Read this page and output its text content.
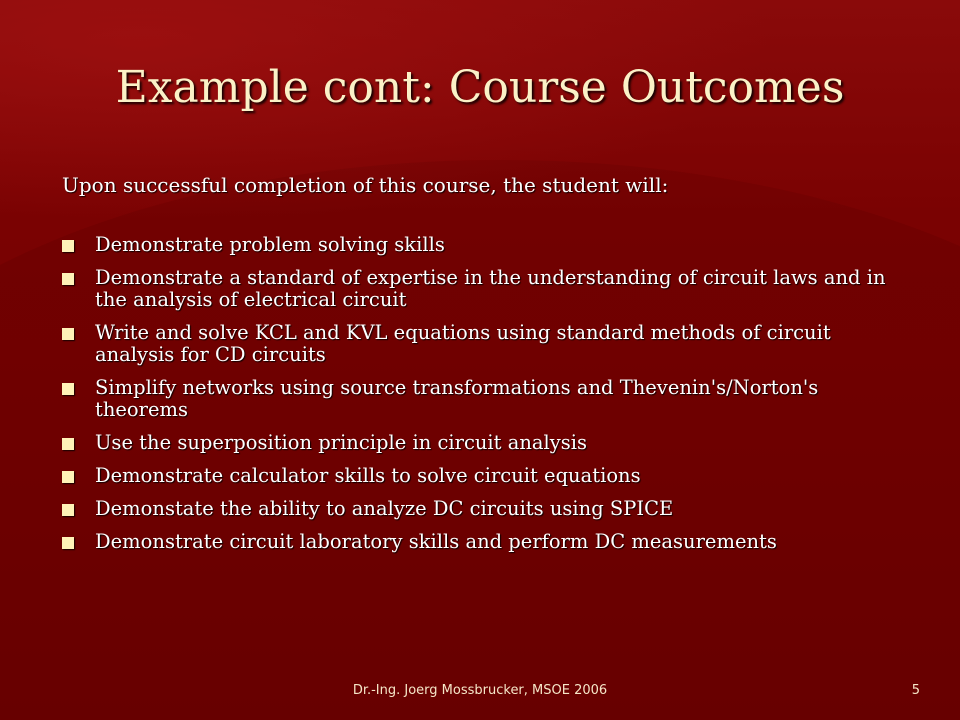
Example cont: Course Outcomes
Upon successful completion of this course, the student will:
Demonstrate problem solving skills
Demonstrate a standard of expertise in the understanding of circuit laws and in the analysis of electrical circuit
Write and solve KCL and KVL equations using standard methods of circuit analysis for CD circuits
Simplify networks using source transformations and Thevenin's/Norton's theorems
Use the superposition principle in circuit analysis
Demonstrate calculator skills to solve circuit equations
Demonstate the ability to analyze DC circuits using SPICE
Demonstrate circuit laboratory skills and perform DC measurements
Dr.-Ing. Joerg Mossbrucker, MSOE 2006	5
